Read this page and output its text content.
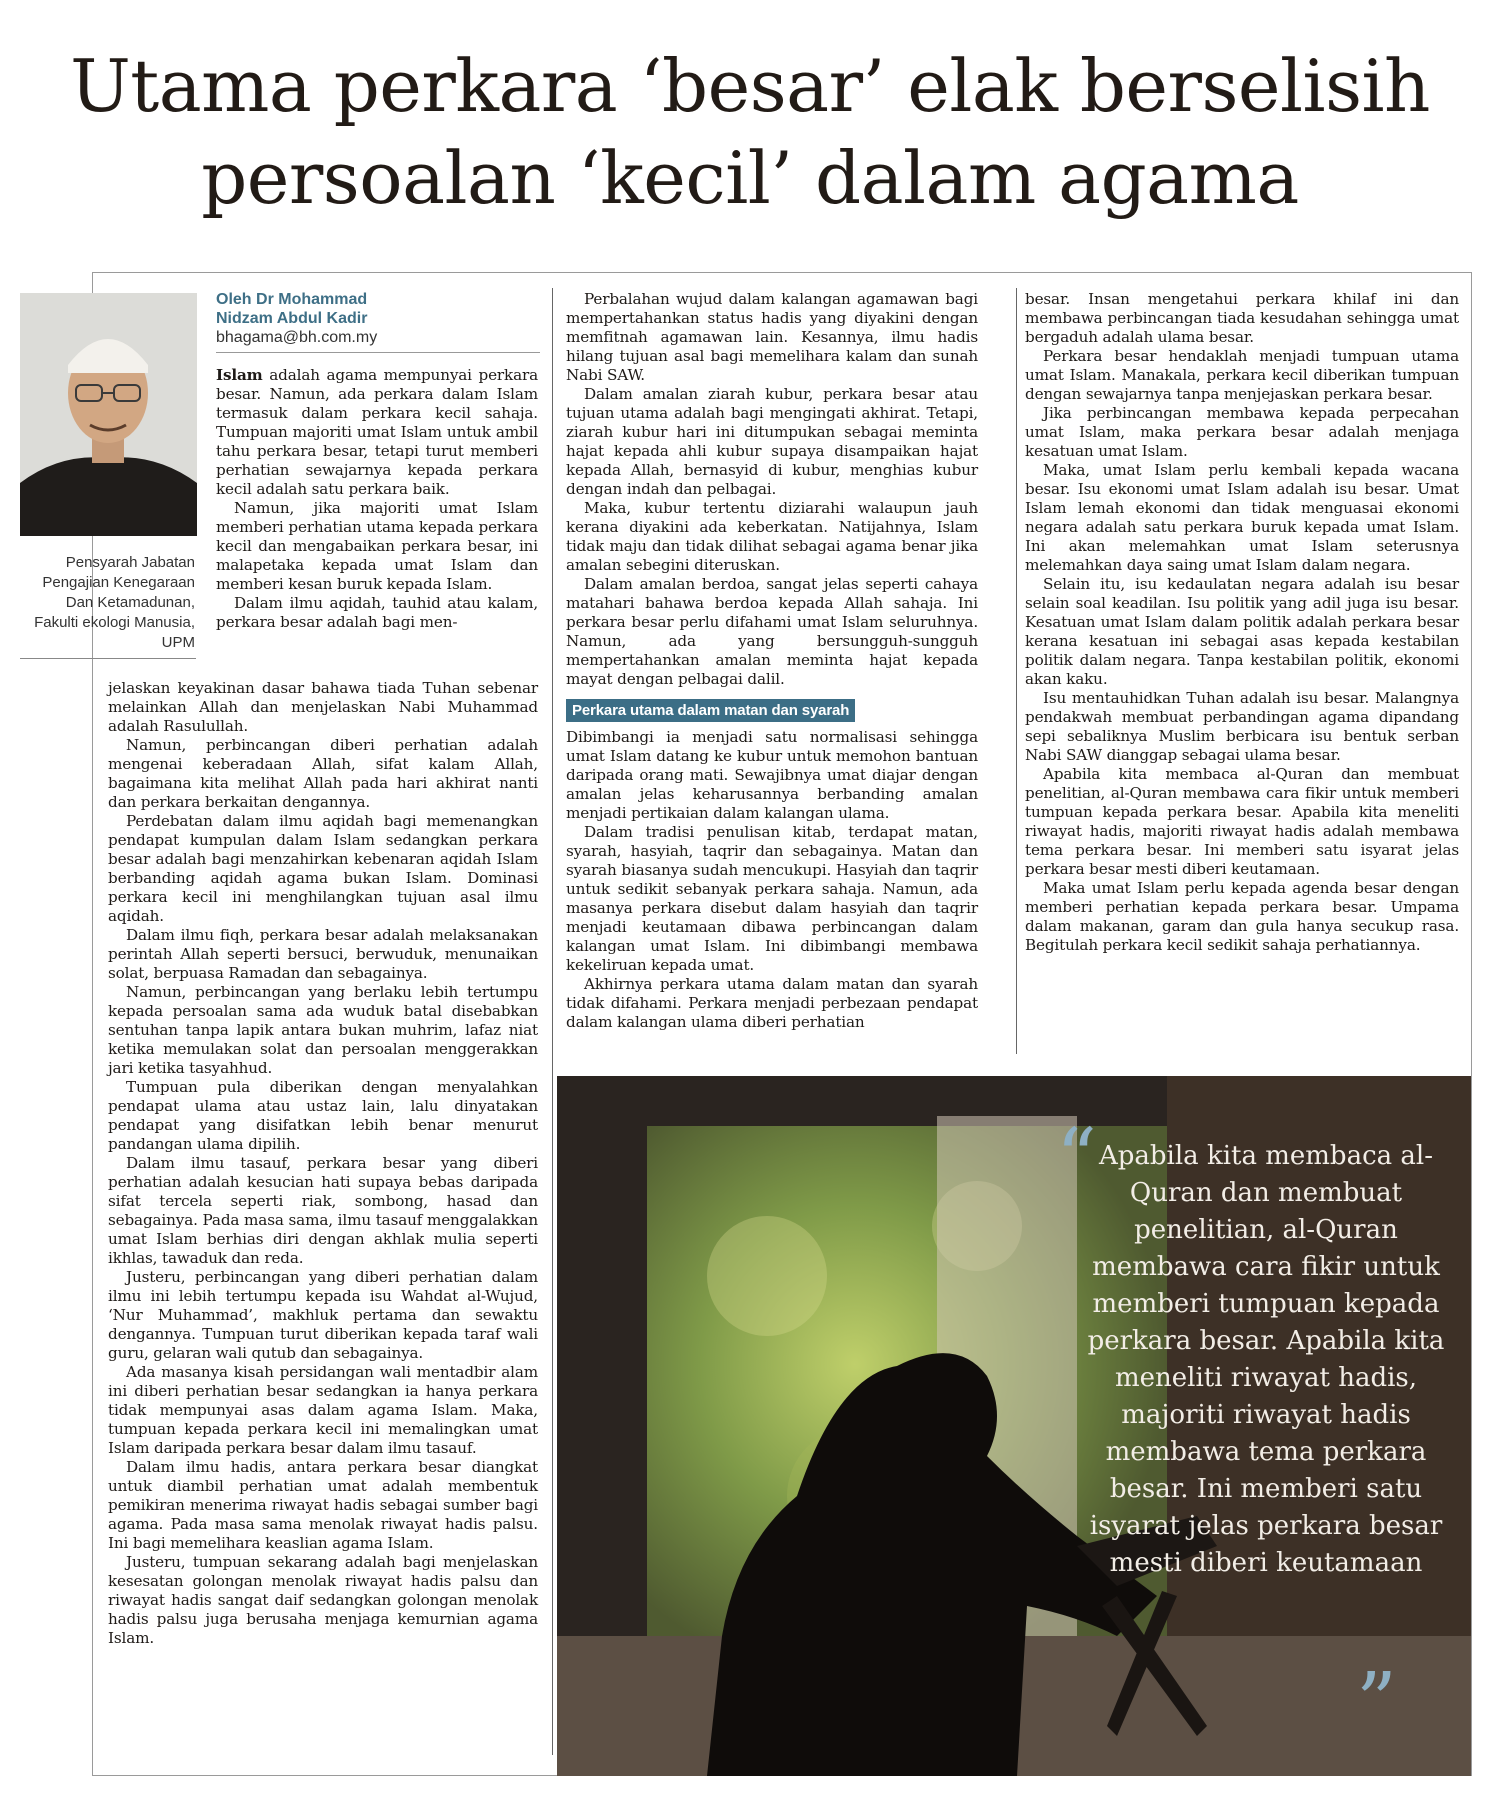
Utama perkara ‘besar’ elak berselisih
persoalan ‘kecil’ dalam agama
Pensyarah Jabatan Pengajian Kenegaraan Dan Ketamadunan, Fakulti ekologi Manusia, UPM
Oleh Dr Mohammad
Nidzam Abdul Kadir
bhagama@bh.com.my

Islam adalah agama mempunyai perkara besar. Namun, ada perkara dalam Islam termasuk dalam perkara kecil sahaja. Tumpuan majoriti umat Islam untuk ambil tahu perkara besar, tetapi turut memberi perhatian sewajarnya kepada perkara kecil adalah satu perkara baik.

Namun, jika majoriti umat Islam memberi perhatian utama kepada perkara kecil dan mengabaikan perkara besar, ini malapetaka kepada umat Islam dan memberi kesan buruk kepada Islam.

Dalam ilmu aqidah, tauhid atau kalam, perkara besar adalah bagi men-

jelaskan keyakinan dasar bahawa tiada Tuhan sebenar melainkan Allah dan menjelaskan Nabi Muhammad adalah Rasulullah.

Namun, perbincangan diberi perhatian adalah mengenai keberadaan Allah, sifat kalam Allah, bagaimana kita melihat Allah pada hari akhirat nanti dan perkara berkaitan dengannya.

Perdebatan dalam ilmu aqidah bagi memenangkan pendapat kumpulan dalam Islam sedangkan perkara besar adalah bagi menzahirkan kebenaran aqidah Islam berbanding aqidah agama bukan Islam. Dominasi perkara kecil ini menghilangkan tujuan asal ilmu aqidah.

Dalam ilmu fiqh, perkara besar adalah melaksanakan perintah Allah seperti bersuci, berwuduk, menunaikan solat, berpuasa Ramadan dan sebagainya.

Namun, perbincangan yang berlaku lebih tertumpu kepada persoalan sama ada wuduk batal disebabkan sentuhan tanpa lapik antara bukan muhrim, lafaz niat ketika memulakan solat dan persoalan menggerakkan jari ketika tasyahhud.

Tumpuan pula diberikan dengan menyalahkan pendapat ulama atau ustaz lain, lalu dinyatakan pendapat yang disifatkan lebih benar menurut pandangan ulama dipilih.

Dalam ilmu tasauf, perkara besar yang diberi perhatian adalah kesucian hati supaya bebas daripada sifat tercela seperti riak, sombong, hasad dan sebagainya. Pada masa sama, ilmu tasauf menggalakkan umat Islam berhias diri dengan akhlak mulia seperti ikhlas, tawaduk dan reda.

Justeru, perbincangan yang diberi perhatian dalam ilmu ini lebih tertumpu kepada isu Wahdat al-Wujud, ‘Nur Muhammad’, makhluk pertama dan sewaktu dengannya. Tumpuan turut diberikan kepada taraf wali guru, gelaran wali qutub dan sebagainya.

Ada masanya kisah persidangan wali mentadbir alam ini diberi perhatian besar sedangkan ia hanya perkara tidak mempunyai asas dalam agama Islam. Maka, tumpuan kepada perkara kecil ini memalingkan umat Islam daripada perkara besar dalam ilmu tasauf.

Dalam ilmu hadis, antara perkara besar diangkat untuk diambil perhatian umat adalah membentuk pemikiran menerima riwayat hadis sebagai sumber bagi agama. Pada masa sama menolak riwayat hadis palsu. Ini bagi memelihara keaslian agama Islam.

Justeru, tumpuan sekarang adalah bagi menjelaskan kesesatan golongan menolak riwayat hadis palsu dan riwayat hadis sangat daif sedangkan golongan menolak hadis palsu juga berusaha menjaga kemurnian agama Islam.

Perbalahan wujud dalam kalangan agamawan bagi mempertahankan status hadis yang diyakini dengan memfitnah agamawan lain. Kesannya, ilmu hadis hilang tujuan asal bagi memelihara kalam dan sunah Nabi SAW.

Dalam amalan ziarah kubur, perkara besar atau tujuan utama adalah bagi mengingati akhirat. Tetapi, ziarah kubur hari ini ditumpukan sebagai meminta hajat kepada ahli kubur supaya disampaikan hajat kepada Allah, bernasyid di kubur, menghias kubur dengan indah dan pelbagai.

Maka, kubur tertentu diziarahi walaupun jauh kerana diyakini ada keberkatan. Natijahnya, Islam tidak maju dan tidak dilihat sebagai agama benar jika amalan sebegini diteruskan.

Dalam amalan berdoa, sangat jelas seperti cahaya matahari bahawa berdoa kepada Allah sahaja. Ini perkara besar perlu difahami umat Islam seluruhnya. Namun, ada yang bersungguh-sungguh mempertahankan amalan meminta hajat kepada mayat dengan pelbagai dalil.

Perkara utama dalam matan dan syarah

Dibimbangi ia menjadi satu normalisasi sehingga umat Islam datang ke kubur untuk memohon bantuan daripada orang mati. Sewajibnya umat diajar dengan amalan jelas keharusannya berbanding amalan menjadi pertikaian dalam kalangan ulama.

Dalam tradisi penulisan kitab, terdapat matan, syarah, hasyiah, taqrir dan sebagainya. Matan dan syarah biasanya sudah mencukupi. Hasyiah dan taqrir untuk sedikit sebanyak perkara sahaja. Namun, ada masanya perkara disebut dalam hasyiah dan taqrir menjadi keutamaan dibawa perbincangan dalam kalangan umat Islam. Ini dibimbangi membawa kekeliruan kepada umat.

Akhirnya perkara utama dalam matan dan syarah tidak difahami. Perkara menjadi perbezaan pendapat dalam kalangan ulama diberi perhatian

besar. Insan mengetahui perkara khilaf ini dan membawa perbincangan tiada kesudahan sehingga umat bergaduh adalah ulama besar.

Perkara besar hendaklah menjadi tumpuan utama umat Islam. Manakala, perkara kecil diberikan tumpuan dengan sewajarnya tanpa menjejaskan perkara besar.

Jika perbincangan membawa kepada perpecahan umat Islam, maka perkara besar adalah menjaga kesatuan umat Islam.

Maka, umat Islam perlu kembali kepada wacana besar. Isu ekonomi umat Islam adalah isu besar. Umat Islam lemah ekonomi dan tidak menguasai ekonomi negara adalah satu perkara buruk kepada umat Islam. Ini akan melemahkan umat Islam seterusnya melemahkan daya saing umat Islam dalam negara.

Selain itu, isu kedaulatan negara adalah isu besar selain soal keadilan. Isu politik yang adil juga isu besar. Kesatuan umat Islam dalam politik adalah perkara besar kerana kesatuan ini sebagai asas kepada kestabilan politik dalam negara. Tanpa kestabilan politik, ekonomi akan kaku.

Isu mentauhidkan Tuhan adalah isu besar. Malangnya pendakwah membuat perbandingan agama dipandang sepi sebaliknya Muslim berbicara isu bentuk serban Nabi SAW dianggap sebagai ulama besar.

Apabila kita membaca al-Quran dan membuat penelitian, al-Quran membawa cara fikir untuk memberi tumpuan kepada perkara besar. Apabila kita meneliti riwayat hadis, majoriti riwayat hadis adalah membawa tema perkara besar. Ini memberi satu isyarat jelas perkara besar mesti diberi keutamaan.

Maka umat Islam perlu kepada agenda besar dengan memberi perhatian kepada perkara besar. Umpama dalam makanan, garam dan gula hanya secukup rasa. Begitulah perkara kecil sedikit sahaja perhatiannya.

“ Apabila kita membaca al-Quran dan membuat penelitian, al-Quran membawa cara fikir untuk memberi tumpuan kepada perkara besar. Apabila kita meneliti riwayat hadis, majoriti riwayat hadis membawa tema perkara besar. Ini memberi satu isyarat jelas perkara besar mesti diberi keutamaan
”
